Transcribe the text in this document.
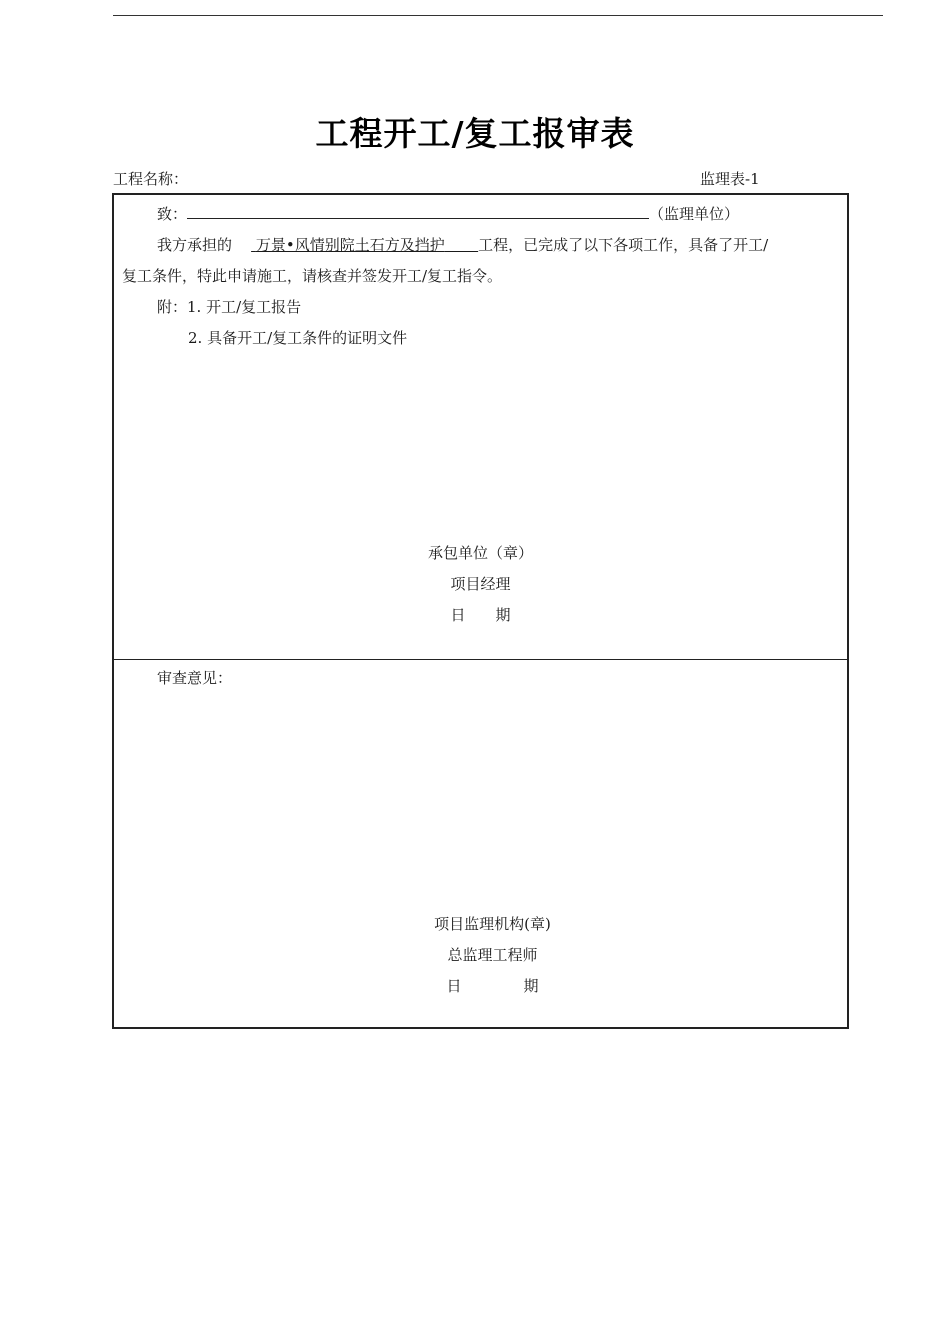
工程开工/复工报审表
工程名称：	监理表-1
致：	（监理单位）
我方承担的 万景•风情别院土石方及挡护 工程，已完成了以下各项工作，具备了开工/
复工条件，特此申请施工，请核查并签发开工/复工指令。
附：1. 开工/复工报告
2. 具备开工/复工条件的证明文件
承包单位（章）
项目经理
日 期
审查意见：
项目监理机构(章)
总监理工程师
日	期
